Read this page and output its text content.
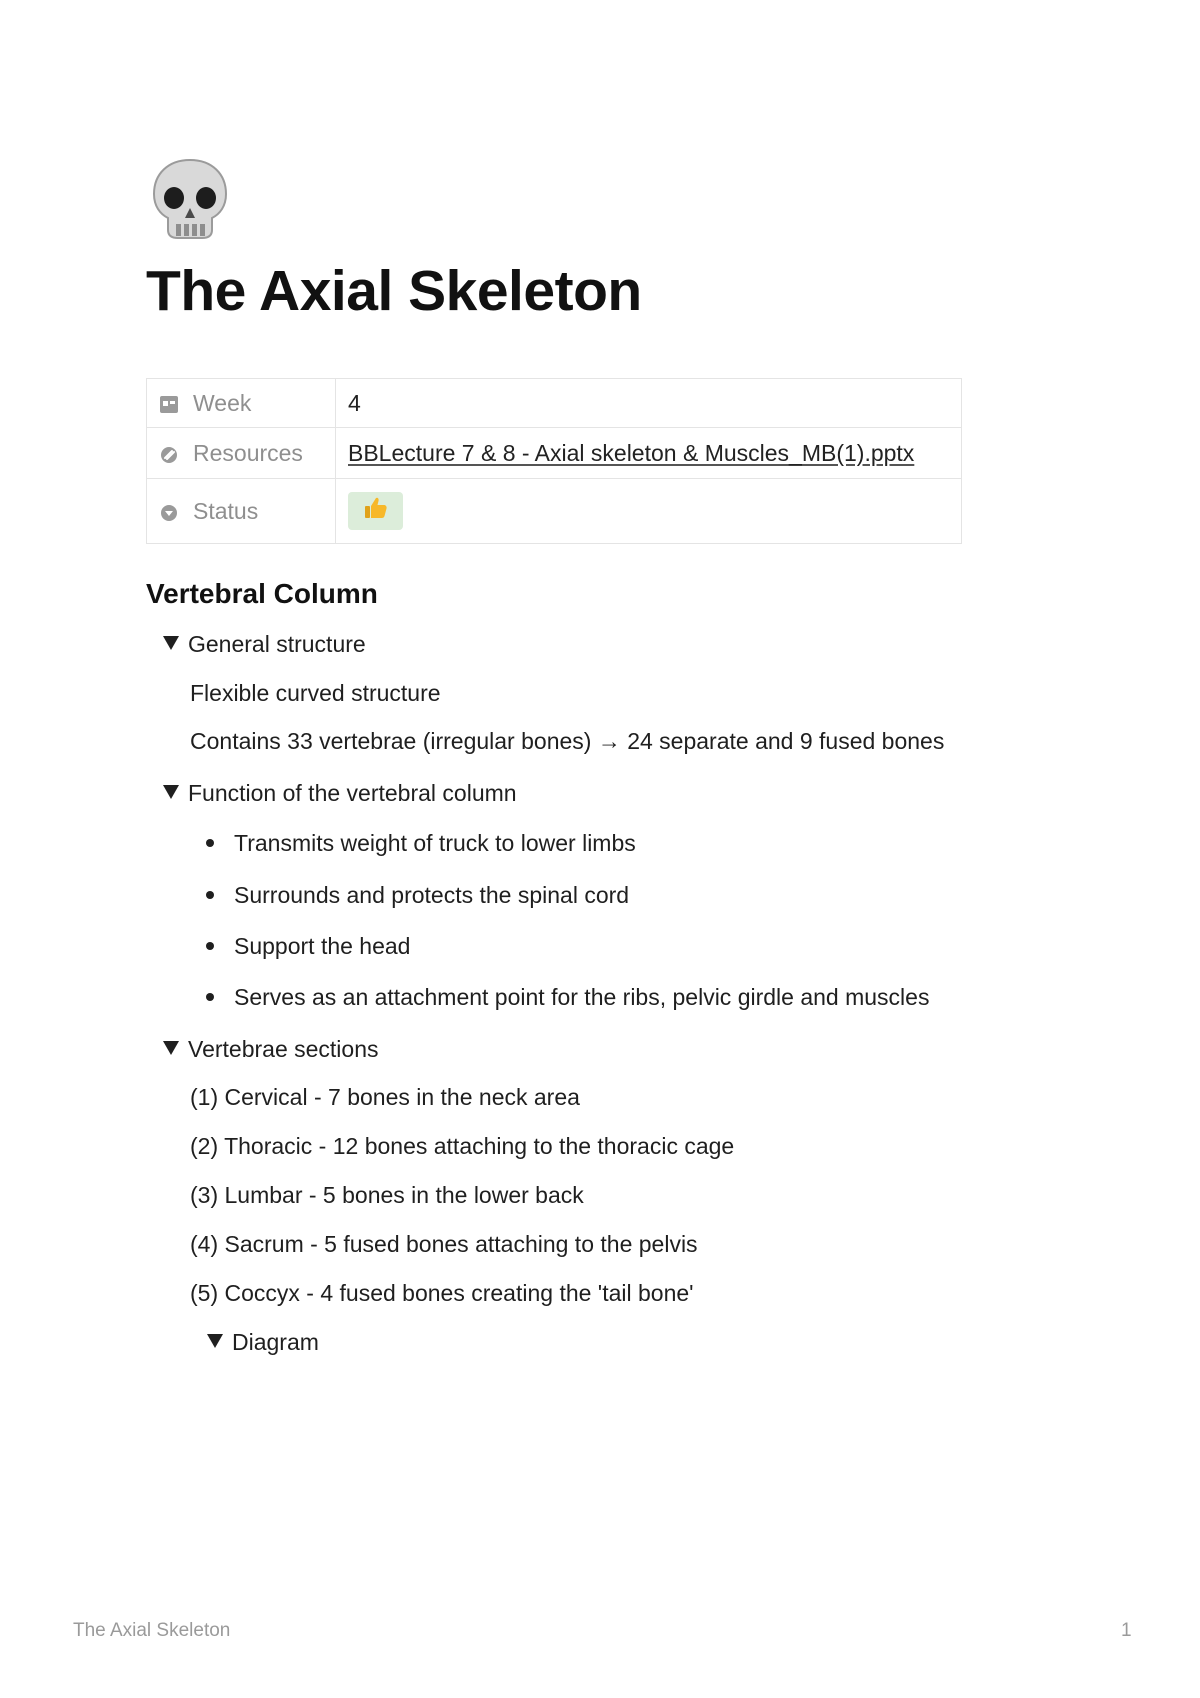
The Axial Skeleton
Week	4
Resources	BBLecture 7 & 8 - Axial skeleton & Muscles_MB(1).pptx
Status	
Vertebral Column
General structure
Flexible curved structure
Contains 33 vertebrae (irregular bones) → 24 separate and 9 fused bones
Function of the vertebral column
Transmits weight of truck to lower limbs
Surrounds and protects the spinal cord
Support the head
Serves as an attachment point for the ribs, pelvic girdle and muscles
Vertebrae sections
(1) Cervical - 7 bones in the neck area
(2) Thoracic - 12 bones attaching to the thoracic cage
(3) Lumbar - 5 bones in the lower back
(4) Sacrum - 5 fused bones attaching to the pelvis
(5) Coccyx - 4 fused bones creating the 'tail bone'
Diagram
The Axial Skeleton	1
